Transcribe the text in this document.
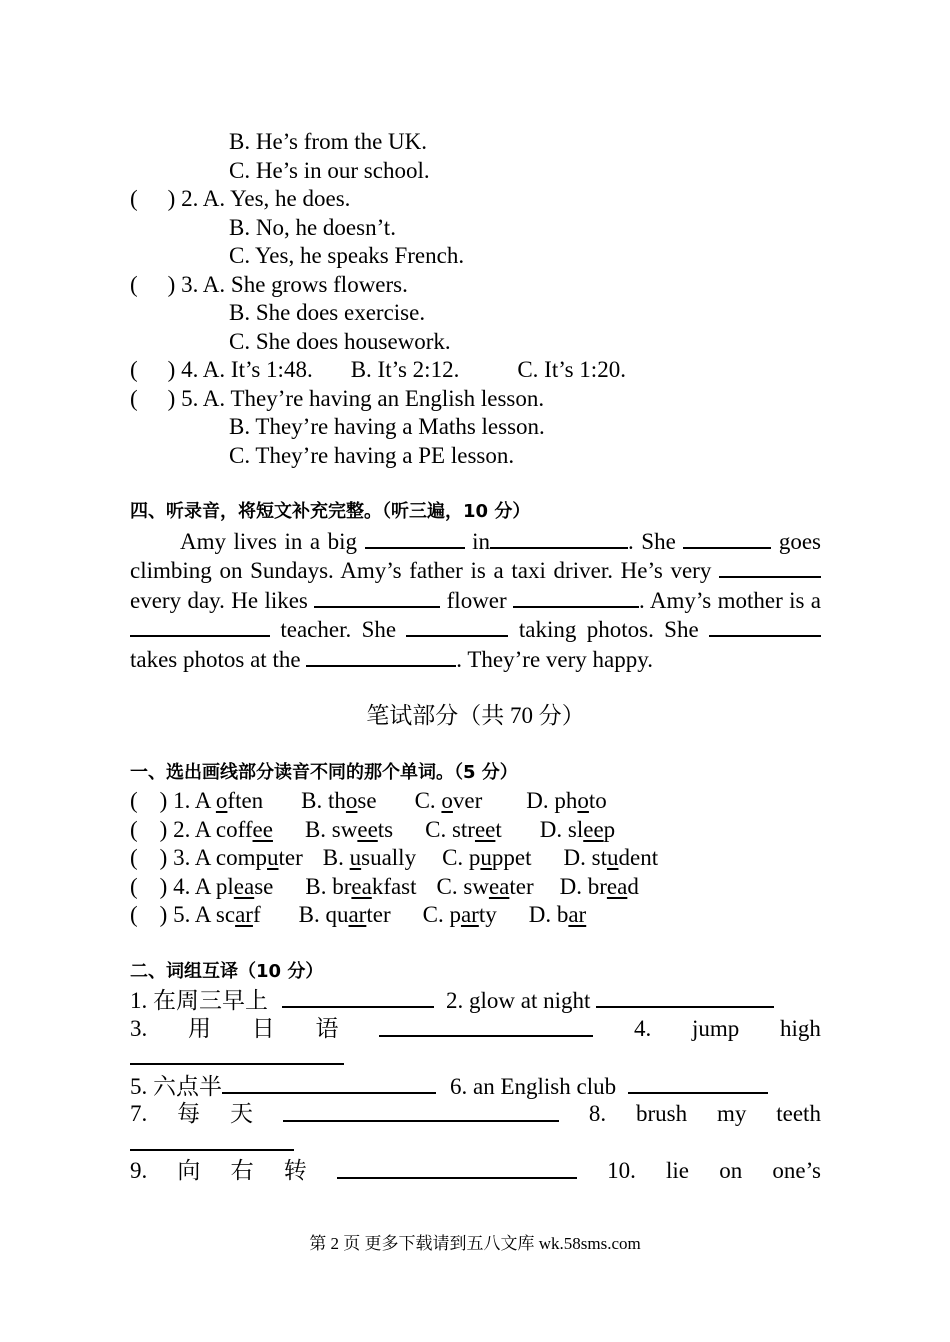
B. He’s from the UK.
C. He’s in our school.
( ) 2. A. Yes, he does.
B. No, he doesn’t.
C. Yes, he speaks French.
( ) 3. A. She grows flowers.
B. She does exercise.
C. She does housework.
( ) 4. A. It’s 1:48. B. It’s 2:12.	C. It’s 1:20.
( ) 5. A. They’re having an English lesson.
B. They’re having a Maths lesson.
C. They’re having a PE lesson.
四、听录音，将短文补充完整。（听三遍，10 分）
Amy lives in a big	in	. She	goes climbing on Sundays. Amy’s father is a taxi driver. He’s very  every day. He likes	flower	. Amy’s mother is a  teacher. She	taking photos. She  takes photos at the	. They’re very happy.
笔试部分（共 70 分）
一、选出画线部分读音不同的那个单词。（5 分）
( ) 1. A often B. those C. over D. photo
( ) 2. A coffee B. sweets C. street D. sleep
( ) 3. A computer B. usually C. puppet D. student
( ) 4. A please B. breakfast C. sweater D. bread
( ) 5. A scarf B. quarter C. party D. bar
二、词组互译（10 分）
1. 在周三早上	2. glow at night
3. 用 日 语	4. jump high
5. 六点半	6. an English club
7. 每 天	8. brush my teeth
9. 向 右 转	10. lie on one’s
第 2 页 更多下载请到五八文库 wk.58sms.com
